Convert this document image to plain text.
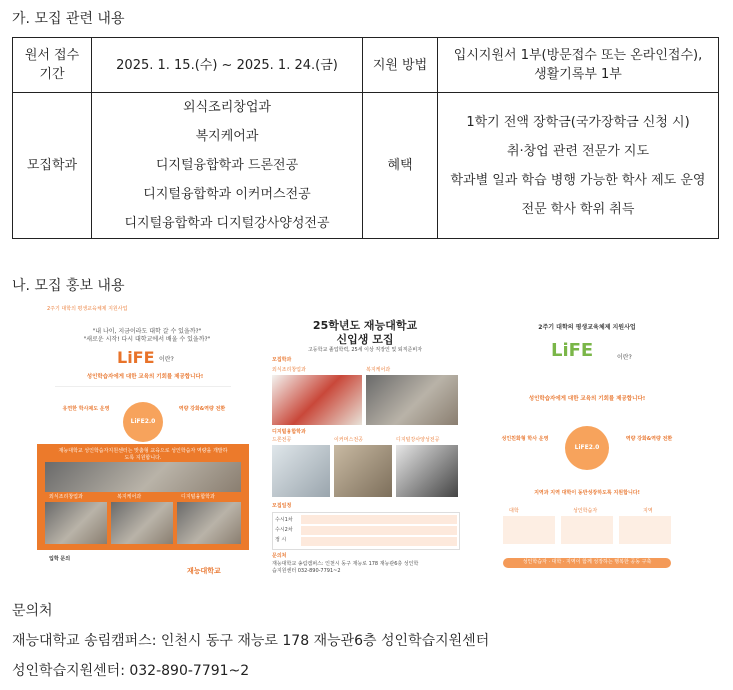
가. 모집 관련 내용
원서 접수
기간	2025. 1. 15.(수) ~ 2025. 1. 24.(금)	지원 방법	입시지원서 1부(방문접수 또는 온라인접수),
생활기록부 1부

모집학과	외식조리창업과
복지케어과
디지털융합학과 드론전공
디지털융합학과 이커머스전공
디지털융합학과 디지털강사양성전공	혜택	1학기 전액 장학금(국가장학금 신청 시)
취·창업 관련 전문가 지도
학과별 일과 학습 병행 가능한 학사 제도 운영
전문 학사 학위 취득
나. 모집 홍보 내용
2주기 대학의 평생교육체제 지원사업
"내 나이, 지금이라도 대학 갈 수 있을까?"
"새로운 시작! 다시 대학교에서 배울 수 있을까?"
LiFE 이란?
성인학습자에게 대한 교육의 기회를 제공합니다!
유연한 학사제도 운영
LiFE2.0
역량 강화&역량 전환
재능대학교 성인학습자지원센터는 맞춤형 교육으로 성인학습자 역량을 개발하도록 지원합니다.
외식조리창업과	복지케어과	디지털융합학과
입학 문의
재능대학교
25학년도 재능대학교
신입생 모집
고등학교 졸업학력, 25세 이상 직장인 및 퇴직준비자
모집학과
외식조리창업과	복지케어과
디지털융합학과
드론전공	이커머스전공	디지털강사양성전공
모집일정
수시1차
수시2차
정 시
문의처
재능대학교 송림캠퍼스: 인천시 동구 재능로 178 재능관6층 성인학습지원센터 032-890-7791~2
2주기 대학의 평생교육체제 지원사업
LiFE	이란?
성인학습자에게 대한 교육의 기회를 제공합니다!
성인친화형 학사 운영
LiFE2.0
역량 강화&역량 전환
지역과 지역 대학이 동반성장하도록 지원합니다!
대학	성인학습자	지역
성인학습자 · 대학 · 지역이 함께 성장하는 행복한 공동 구축
문의처
재능대학교 송림캠퍼스: 인천시 동구 재능로 178 재능관6층 성인학습지원센터
성인학습지원센터: 032-890-7791~2
